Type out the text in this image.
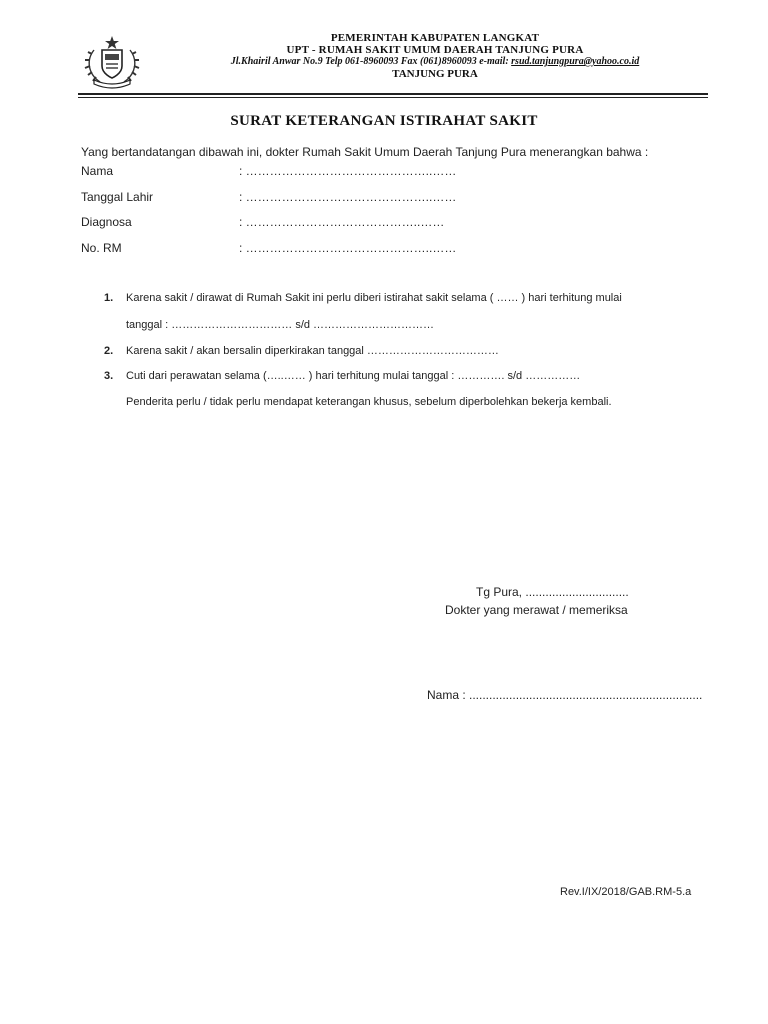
PEMERINTAH KABUPATEN LANGKAT
UPT - RUMAH SAKIT UMUM DAERAH TANJUNG PURA
Jl.Khairil Anwar No.9 Telp 061-8960093 Fax (061)8960093 e-mail: rsud.tanjungpura@yahoo.co.id
TANJUNG PURA
SURAT KETERANGAN ISTIRAHAT SAKIT
Yang bertandatangan dibawah ini, dokter Rumah Sakit Umum Daerah Tanjung Pura menerangkan bahwa :
Nama	: ………………………………………..……
Tanggal Lahir	: ………………………………………..……
Diagnosa	: ……………………………………..……
No. RM	: ………………………………………..……
1. Karena sakit / dirawat di Rumah Sakit ini perlu diberi istirahat sakit selama ( …… ) hari terhitung mulai
tanggal : …………………………… s/d ……………………………
2. Karena sakit / akan bersalin diperkirakan tanggal ………………………………
3. Cuti dari perawatan selama (…..…… ) hari terhitung mulai tanggal : …………. s/d ……………
Penderita perlu / tidak perlu mendapat keterangan khusus, sebelum diperbolehkan bekerja kembali.
Tg Pura, ...............................
Dokter yang merawat / memeriksa
Nama : ......................................................................
Rev.I/IX/2018/GAB.RM-5.a
